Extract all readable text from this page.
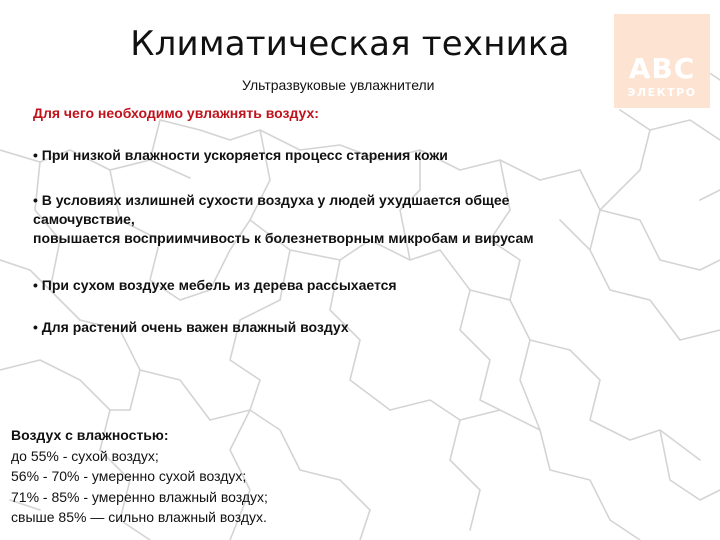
Климатическая техника
Ультразвуковые увлажнители	ABC
ЭЛЕКТРО
Для чего необходимо увлажнять воздух:
• При низкой влажности ускоряется процесс старения кожи
• В условиях излишней сухости воздуха у людей ухудшается общее
самочувствие,
повышается восприимчивость к болезнетворным микробам и вирусам
• При сухом воздухе мебель из дерева рассыхается
• Для растений очень важен влажный воздух
Воздух с влажностью:
до 55% - сухой воздух;
56% - 70% - умеренно сухой воздух;
71% - 85% - умеренно влажный воздух;
свыше 85% — сильно влажный воздух.
